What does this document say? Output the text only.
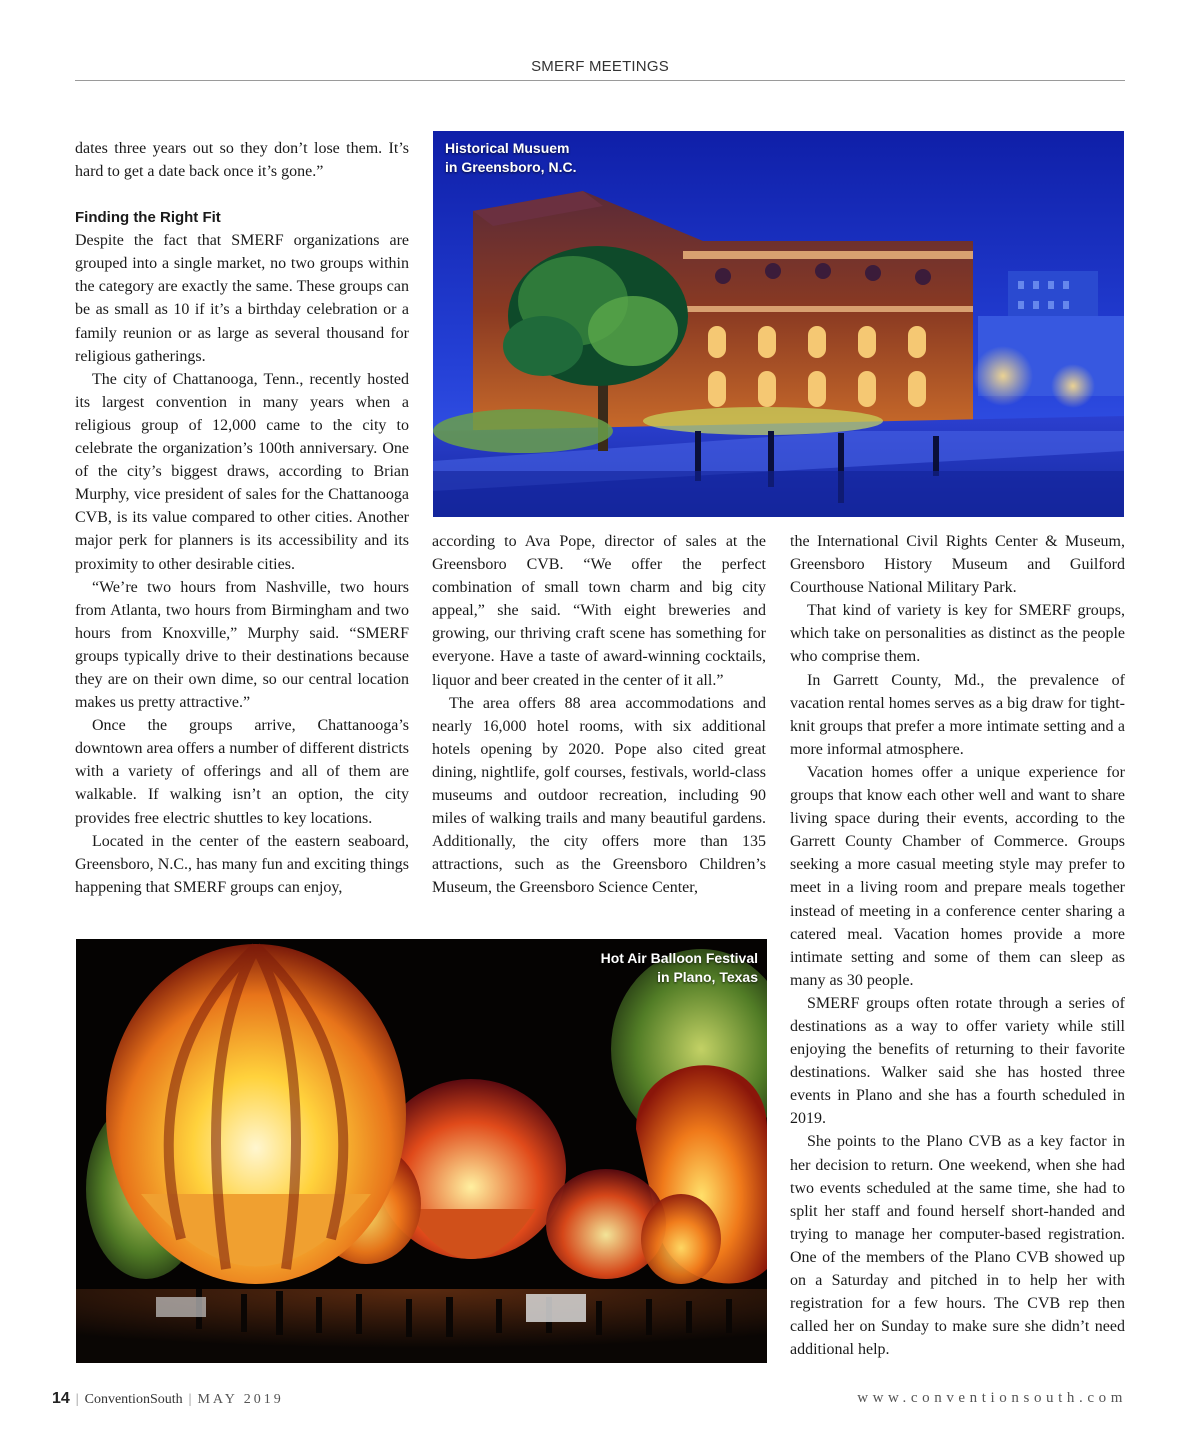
SMERF MEETINGS

dates three years out so they don’t lose them. It’s hard to get a date back once it’s gone.”

Finding the Right Fit

Despite the fact that SMERF organizations are grouped into a single market, no two groups within the category are exactly the same. These groups can be as small as 10 if it’s a birthday celebration or a family reunion or as large as several thousand for religious gatherings.

The city of Chattanooga, Tenn., recently hosted its largest convention in many years when a religious group of 12,000 came to the city to celebrate the organization’s 100th anniversary. One of the city’s biggest draws, according to Brian Murphy, vice president of sales for the Chattanooga CVB, is its value compared to other cities. Another major perk for planners is its accessibility and its proximity to other desirable cities.

“We’re two hours from Nashville, two hours from Atlanta, two hours from Birmingham and two hours from Knoxville,” Murphy said. “SMERF groups typically drive to their destinations because they are on their own dime, so our central location makes us pretty attractive.”

Once the groups arrive, Chattanooga’s downtown area offers a number of different districts with a variety of offerings and all of them are walkable. If walking isn’t an option, the city provides free electric shuttles to key locations.

Located in the center of the eastern seaboard, Greensboro, N.C., has many fun and exciting things happening that SMERF groups can enjoy,

Historical Musuem
in Greensboro, N.C.

according to Ava Pope, director of sales at the Greensboro CVB. “We offer the perfect combination of small town charm and big city appeal,” she said. “With eight breweries and growing, our thriving craft scene has something for everyone. Have a taste of award-winning cocktails, liquor and beer created in the center of it all.”

The area offers 88 area accommodations and nearly 16,000 hotel rooms, with six additional hotels opening by 2020. Pope also cited great dining, nightlife, golf courses, festivals, world-class museums and outdoor recreation, including 90 miles of walking trails and many beautiful gardens. Additionally, the city offers more than 135 attractions, such as the Greensboro Children’s Museum, the Greensboro Science Center,

the International Civil Rights Center & Museum, Greensboro History Museum and Guilford Courthouse National Military Park.

That kind of variety is key for SMERF groups, which take on personalities as distinct as the people who comprise them.

In Garrett County, Md., the prevalence of vacation rental homes serves as a big draw for tight-knit groups that prefer a more intimate setting and a more informal atmosphere.

Vacation homes offer a unique experience for groups that know each other well and want to share living space during their events, according to the Garrett County Chamber of Commerce. Groups seeking a more casual meeting style may prefer to meet in a living room and prepare meals together instead of meeting in a conference center sharing a catered meal. Vacation homes provide a more intimate setting and some of them can sleep as many as 30 people.

SMERF groups often rotate through a series of destinations as a way to offer variety while still enjoying the benefits of returning to their favorite destinations. Walker said she has hosted three events in Plano and she has a fourth scheduled in 2019.

She points to the Plano CVB as a key factor in her decision to return. One weekend, when she had two events scheduled at the same time, she had to split her staff and found herself short-handed and trying to manage her computer-based registration. One of the members of the Plano CVB showed up on a Saturday and pitched in to help her with registration for a few hours. The CVB rep then called her on Sunday to make sure she didn’t need additional help.

Hot Air Balloon Festival
in Plano, Texas
14 | ConventionSouth | MAY 2019	www.conventionsouth.com
